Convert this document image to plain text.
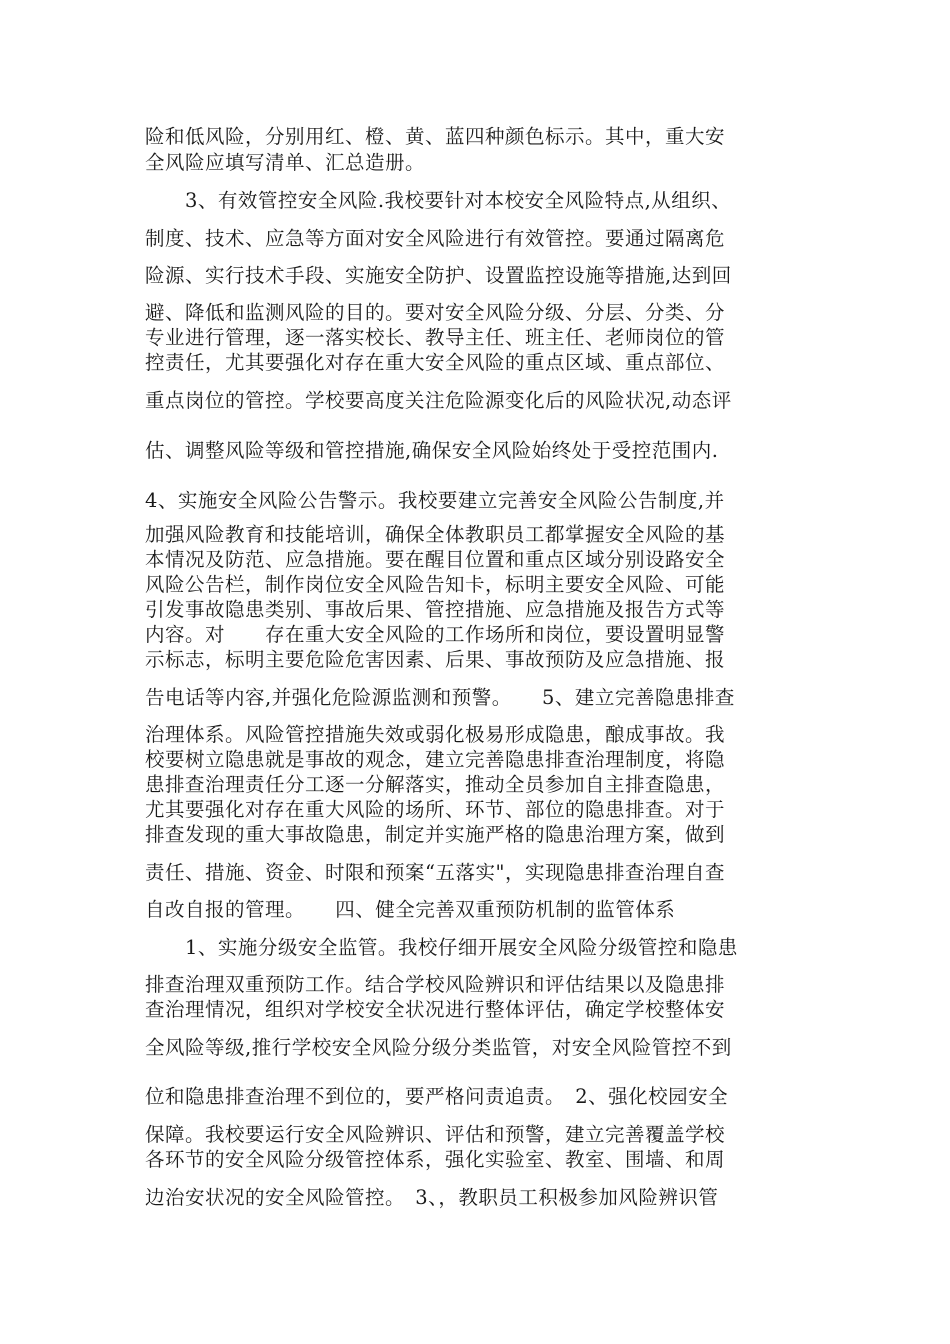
险和低风险，分别用红、橙、黄、蓝四种颜色标示。其中，重大安
全风险应填写清单、汇总造册。
　　3、有效管控安全风险.我校要针对本校安全风险特点,从组织、
制度、技术、应急等方面对安全风险进行有效管控。要通过隔离危
险源、实行技术手段、实施安全防护、设置监控设施等措施,达到回
避、降低和监测风险的目的。要对安全风险分级、分层、分类、分
专业进行管理，逐一落实校长、教导主任、班主任、老师岗位的管
控责任，尤其要强化对存在重大安全风险的重点区域、重点部位、
重点岗位的管控。学校要高度关注危险源变化后的风险状况,动态评
估、调整风险等级和管控措施,确保安全风险始终处于受控范围内.
4、实施安全风险公告警示。我校要建立完善安全风险公告制度,并
加强风险教育和技能培训，确保全体教职员工都掌握安全风险的基
本情况及防范、应急措施。要在醒目位置和重点区域分别设路安全
风险公告栏，制作岗位安全风险告知卡，标明主要安全风险、可能
引发事故隐患类别、事故后果、管控措施、应急措施及报告方式等
内容。对　　存在重大安全风险的工作场所和岗位，要设置明显警
示标志，标明主要危险危害因素、后果、事故预防及应急措施、报
告电话等内容,并强化危险源监测和预警。　　5、建立完善隐患排查
治理体系。风险管控措施失效或弱化极易形成隐患，酿成事故。我
校要树立隐患就是事故的观念，建立完善隐患排查治理制度，将隐
患排查治理责任分工逐一分解落实，推动全员参加自主排查隐患，
尤其要强化对存在重大风险的场所、环节、部位的隐患排查。对于
排查发现的重大事故隐患，制定并实施严格的隐患治理方案，做到
责任、措施、资金、时限和预案“五落实"，实现隐患排查治理自查
自改自报的管理。　　四、健全完善双重预防机制的监管体系
　　1、实施分级安全监管。我校仔细开展安全风险分级管控和隐患
排查治理双重预防工作。结合学校风险辨识和评估结果以及隐患排
查治理情况，组织对学校安全状况进行整体评估，确定学校整体安
全风险等级,推行学校安全风险分级分类监管，对安全风险管控不到
位和隐患排查治理不到位的，要严格问责追责。　2、强化校园安全
保障。我校要运行安全风险辨识、评估和预警，建立完善覆盖学校
各环节的安全风险分级管控体系，强化实验室、教室、围墙、和周
边治安状况的安全风险管控。　3、，教职员工积极参加风险辨识管
